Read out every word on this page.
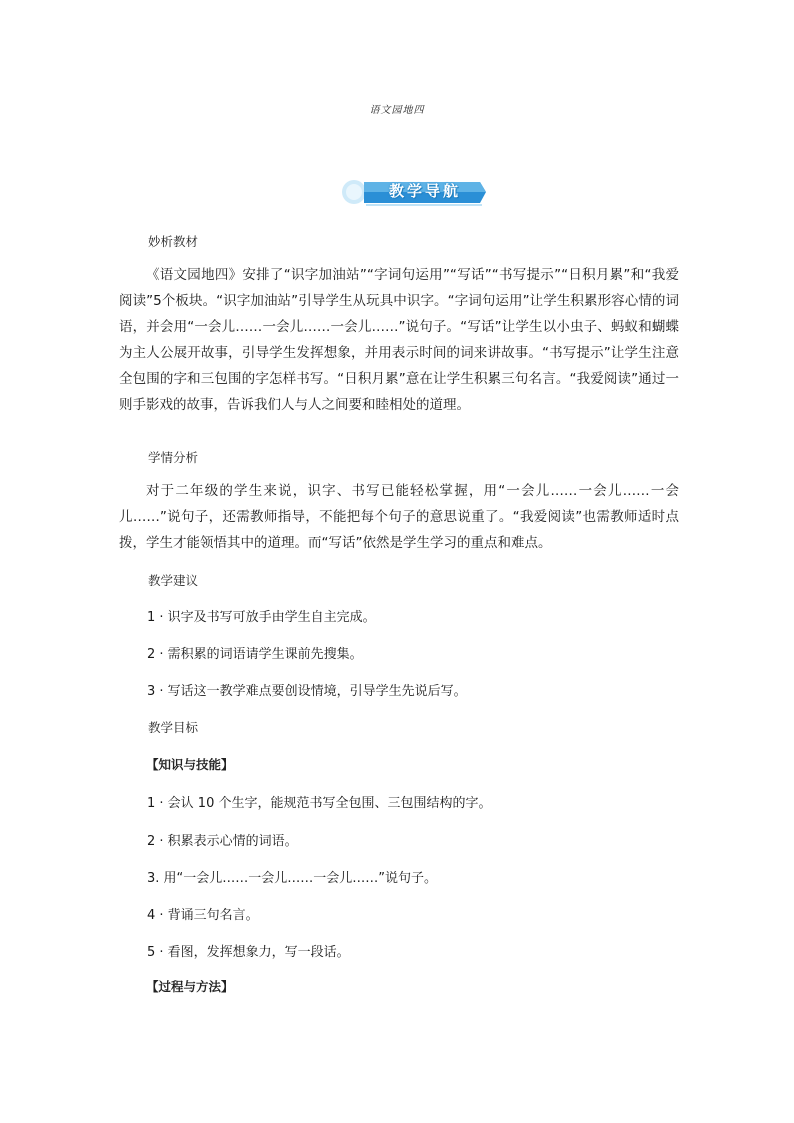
语文园地四
教学导航
妙析教材
《语文园地四》安排了“识字加油站”“字词句运用”“写话”“书写提示”“日积月累”和“我爱阅读”5个板块。“识字加油站”引导学生从玩具中识字。“字词句运用”让学生积累形容心情的词语，并会用“一会儿……一会儿……一会儿……”说句子。“写话”让学生以小虫子、蚂蚁和蝴蝶为主人公展开故事，引导学生发挥想象，并用表示时间的词来讲故事。“书写提示”让学生注意全包围的字和三包围的字怎样书写。“日积月累”意在让学生积累三句名言。“我爱阅读”通过一则手影戏的故事，告诉我们人与人之间要和睦相处的道理。
学情分析
对于二年级的学生来说，识字、书写已能轻松掌握，用“一会儿……一会儿……一会儿……”说句子，还需教师指导，不能把每个句子的意思说重了。“我爱阅读”也需教师适时点拨，学生才能领悟其中的道理。而“写话”依然是学生学习的重点和难点。
教学建议
1 · 识字及书写可放手由学生自主完成。
2 · 需积累的词语请学生课前先搜集。
3 · 写话这一教学难点要创设情境，引导学生先说后写。
教学目标
【知识与技能】
1 · 会认 10 个生字，能规范书写全包围、三包围结构的字。
2 · 积累表示心情的词语。
3. 用“一会儿……一会儿……一会儿……”说句子。
4 · 背诵三句名言。
5 · 看图，发挥想象力，写一段话。
【过程与方法】
